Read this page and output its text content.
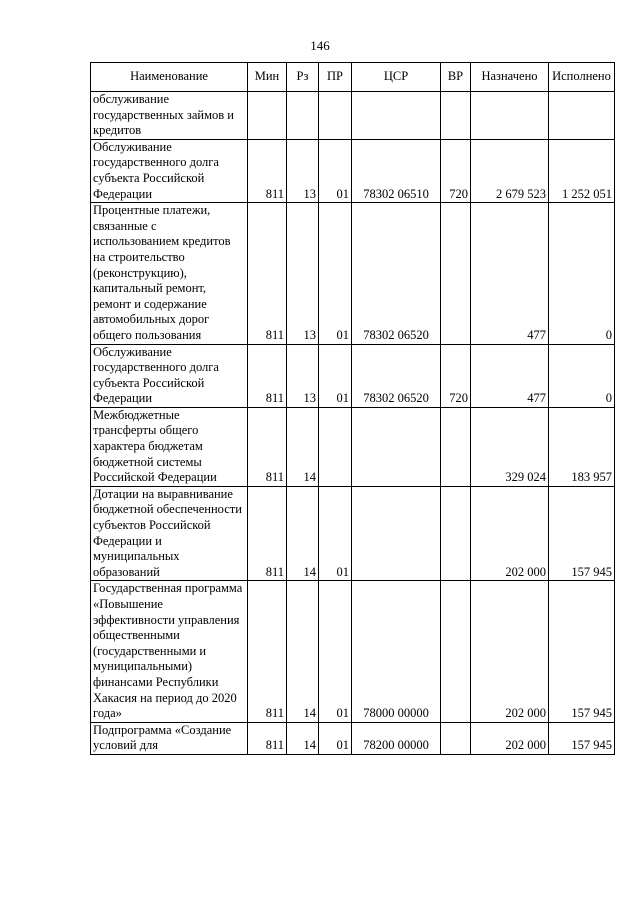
146
Наименование	Мин	Рз	ПР	ЦСР	ВР	Назначено	Исполнено
обслуживание государственных займов и кредитов							
Обслуживание государственного долга субъекта Российской Федерации	811	13	01	78302 06510	720	2 679 523	1 252 051
Процентные платежи, связанные с использованием кредитов на строительство (реконструкцию), капитальный ремонт, ремонт и содержание автомобильных дорог общего пользования	811	13	01	78302 06520		477	0
Обслуживание государственного долга субъекта Российской Федерации	811	13	01	78302 06520	720	477	0
Межбюджетные трансферты общего характера бюджетам бюджетной системы Российской Федерации	811	14				329 024	183 957
Дотации на выравнивание бюджетной обеспеченности субъектов Российской Федерации и муниципальных образований	811	14	01			202 000	157 945
Государственная программа «Повышение эффективности управления общественными (государственными и муниципальными) финансами Республики Хакасия на период до 2020 года»	811	14	01	78000 00000		202 000	157 945
Подпрограмма «Создание условий для	811	14	01	78200 00000		202 000	157 945
